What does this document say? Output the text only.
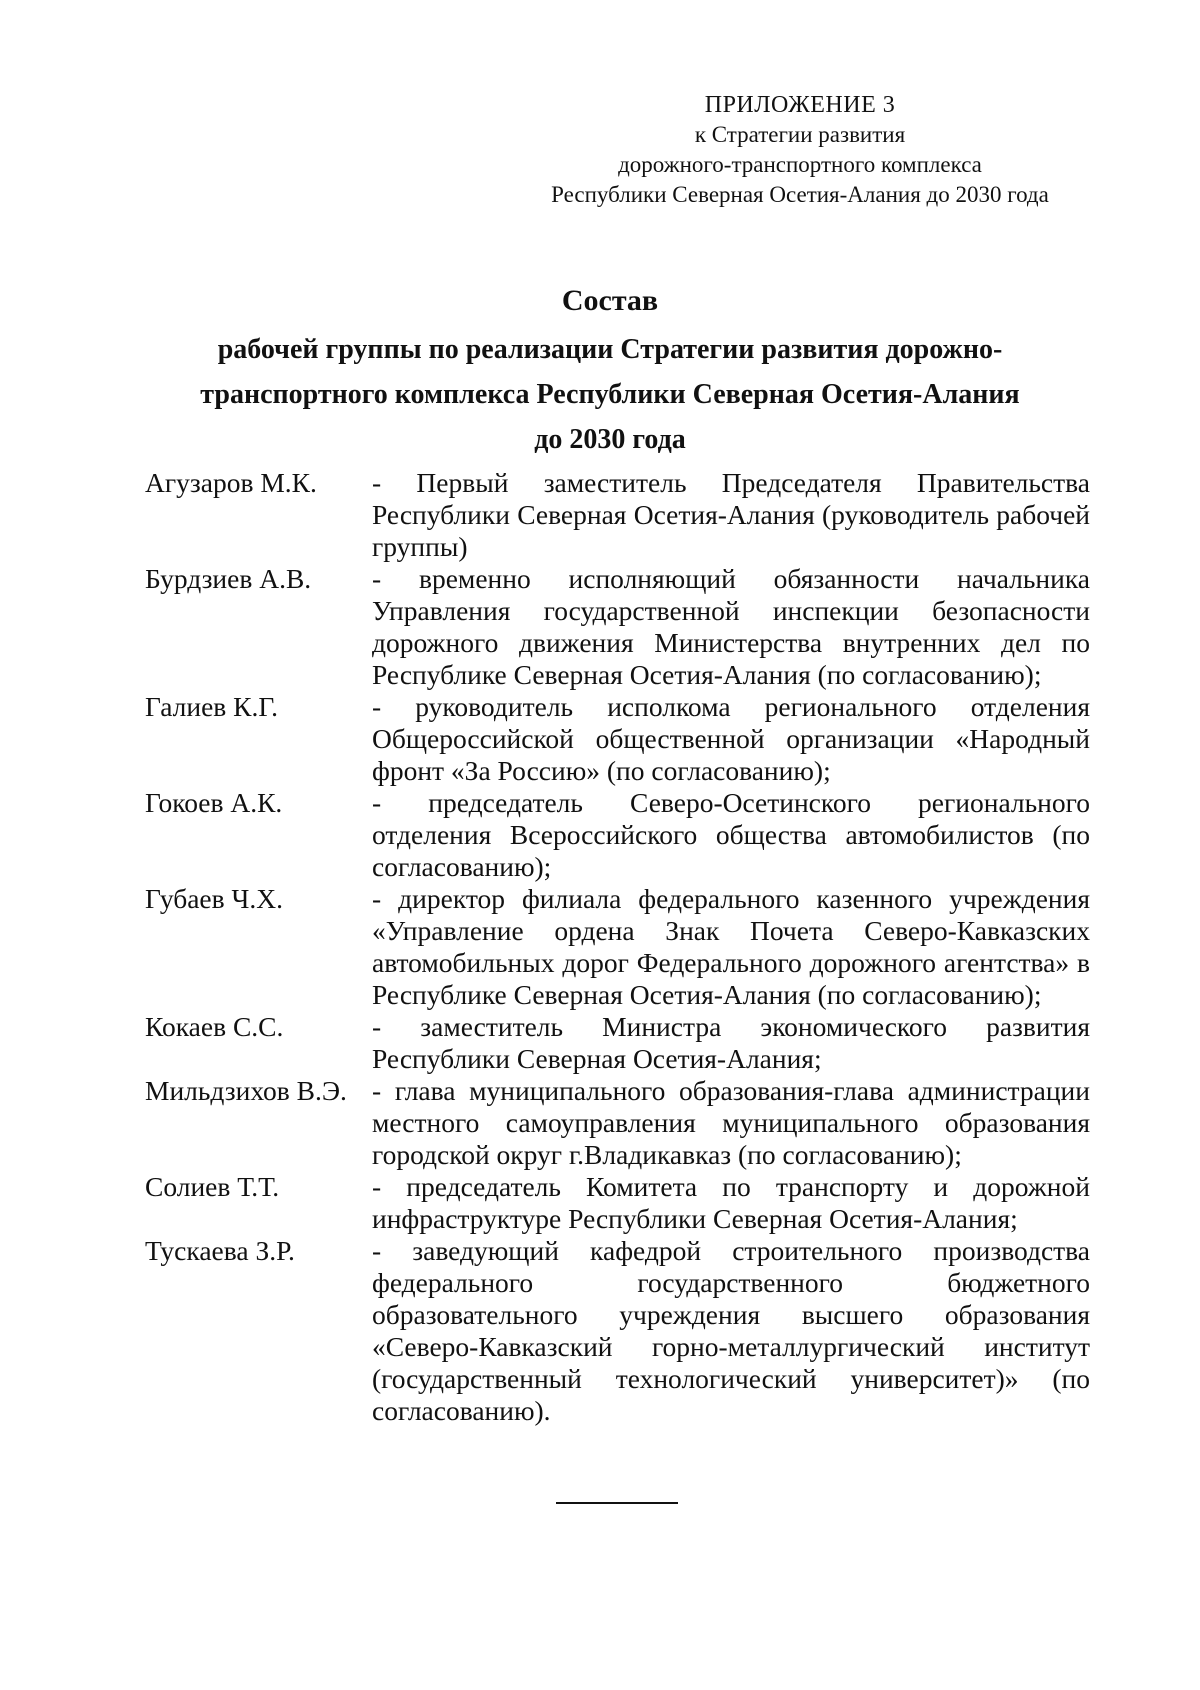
ПРИЛОЖЕНИЕ 3
к Стратегии развития
дорожного-транспортного комплекса
Республики Северная Осетия-Алания до 2030 года
Состав
рабочей группы по реализации Стратегии развития дорожно-
транспортного комплекса Республики Северная Осетия-Алания
до 2030 года
Агузаров М.К.	- Первый заместитель Председателя Правительства Республики Северная Осетия-Алания (руководитель рабочей группы)
Бурдзиев А.В.	- временно исполняющий обязанности начальника Управления государственной инспекции безопасности дорожного движения Министерства внутренних дел по Республике Северная Осетия-Алания (по согласованию);
Галиев К.Г.	- руководитель исполкома регионального отделения Общероссийской общественной организации «Народный фронт «За Россию» (по согласованию);
Гокоев А.К.	- председатель Северо-Осетинского регионального отделения Всероссийского общества автомобилистов (по согласованию);
Губаев Ч.Х.	- директор филиала федерального казенного учреждения «Управление ордена Знак Почета Северо-Кавказских автомобильных дорог Федерального дорожного агентства» в Республике Северная Осетия-Алания (по согласованию);
Кокаев С.С.	- заместитель Министра экономического развития Республики Северная Осетия-Алания;
Мильдзихов В.Э. - глава муниципального образования-глава администрации местного самоуправления муниципального образования городской округ г.Владикавказ (по согласованию);
Солиев Т.Т.	- председатель Комитета по транспорту и дорожной инфраструктуре Республики Северная Осетия-Алания;
Тускаева З.Р.	- заведующий кафедрой строительного производства федерального государственного бюджетного образовательного учреждения высшего образования «Северо-Кавказский горно-металлургический институт (государственный технологический университет)» (по согласованию).
